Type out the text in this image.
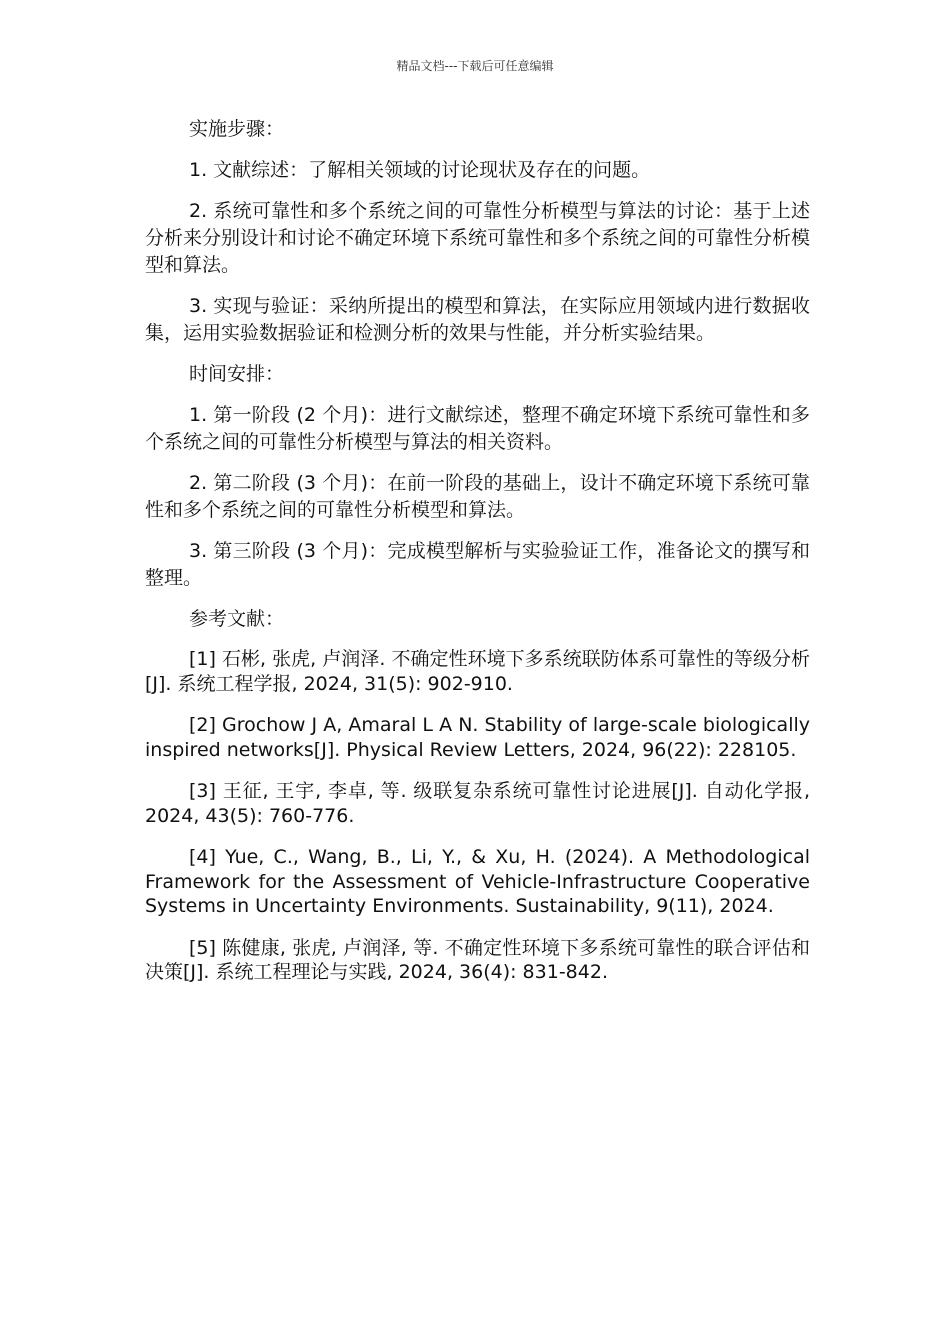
精品文档---下载后可任意编辑

实施步骤：

1. 文献综述：了解相关领域的讨论现状及存在的问题。

2. 系统可靠性和多个系统之间的可靠性分析模型与算法的讨论：基于上述分析来分别设计和讨论不确定环境下系统可靠性和多个系统之间的可靠性分析模型和算法。

3. 实现与验证：采纳所提出的模型和算法，在实际应用领域内进行数据收集，运用实验数据验证和检测分析的效果与性能，并分析实验结果。

时间安排：

1. 第一阶段 (2 个月)：进行文献综述，整理不确定环境下系统可靠性和多个系统之间的可靠性分析模型与算法的相关资料。

2. 第二阶段 (3 个月)：在前一阶段的基础上，设计不确定环境下系统可靠性和多个系统之间的可靠性分析模型和算法。

3. 第三阶段 (3 个月)：完成模型解析与实验验证工作，准备论文的撰写和整理。

参考文献：

[1] 石彬, 张虎, 卢润泽. 不确定性环境下多系统联防体系可靠性的等级分析[J]. 系统工程学报, 2024, 31(5): 902-910.

[2] Grochow J A, Amaral L A N. Stability of large-scale biologically inspired networks[J]. Physical Review Letters, 2024, 96(22): 228105.

[3] 王征, 王宇, 李卓, 等. 级联复杂系统可靠性讨论进展[J]. 自动化学报, 2024, 43(5): 760-776.

[4] Yue, C., Wang, B., Li, Y., & Xu, H. (2024). A Methodological Framework for the Assessment of Vehicle-Infrastructure Cooperative Systems in Uncertainty Environments. Sustainability, 9(11), 2024.

[5] 陈健康, 张虎, 卢润泽, 等. 不确定性环境下多系统可靠性的联合评估和决策[J]. 系统工程理论与实践, 2024, 36(4): 831-842.
